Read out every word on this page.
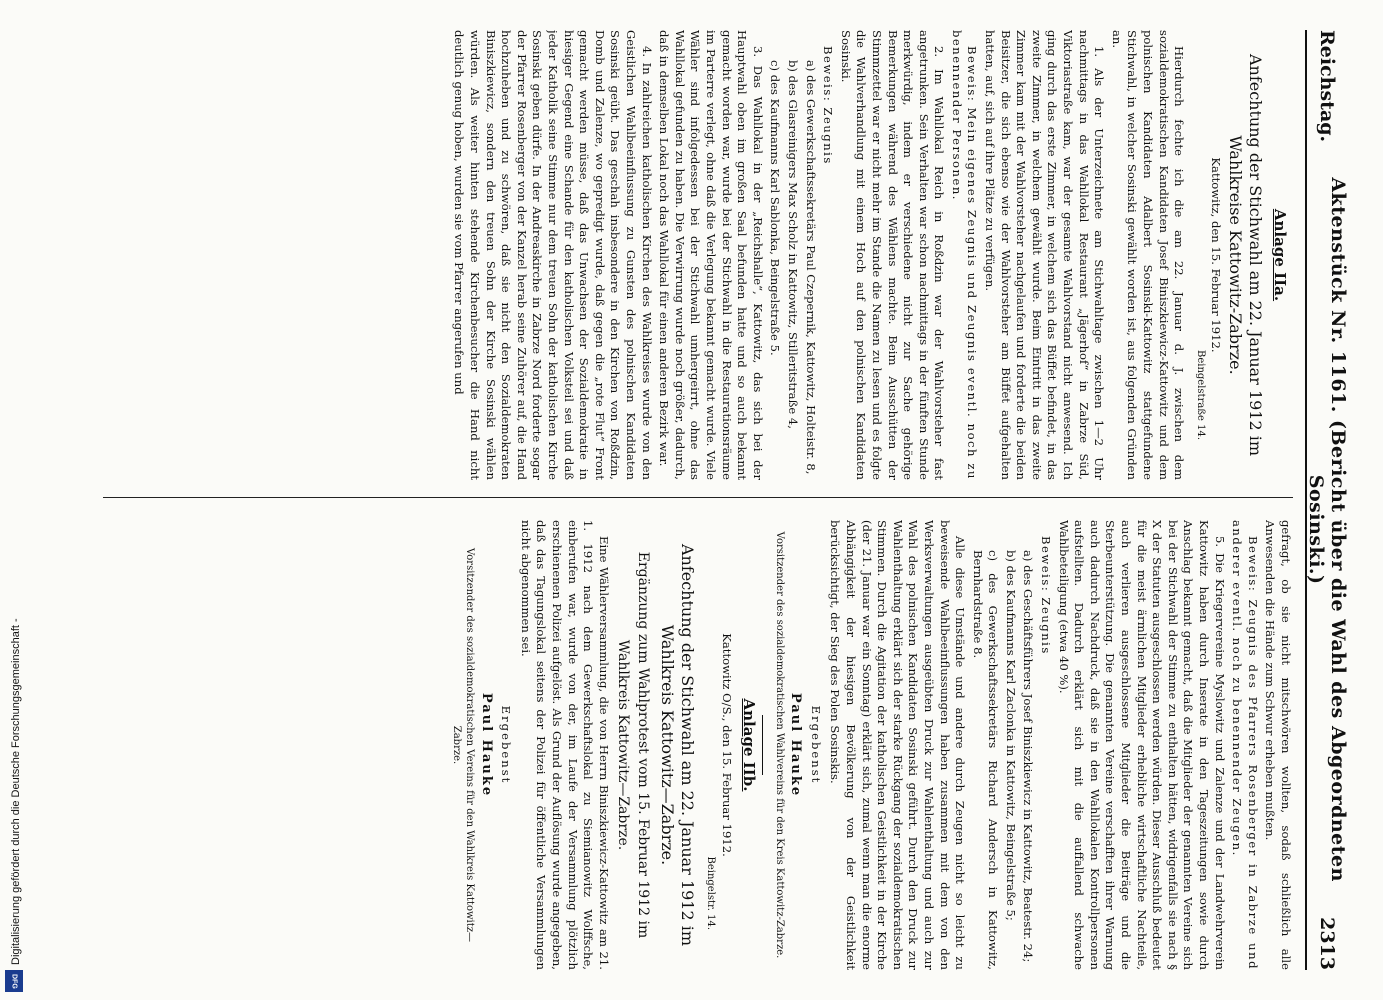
Reichstag.
Aktenstück Nr. 1161. (Bericht über die Wahl des Abgeordneten Sosinski.)
2313
Anlage IIa.
Anfechtung der Stichwahl am 22. Januar 1912 im Wahlkreise Kattowitz-Zabrze.
Kattowitz, den 15. Februar 1912.
Beingelstraße 14.

Hierdurch fechte ich die am 22. Januar d. J. zwischen dem sozialdemokratischen Kandidaten Josef Biniszkiewicz-Kattowitz und dem polnischen Kandidaten Adalbert Sosinski-Kattowitz stattgefundene Stichwahl, in welcher Sosinski gewählt worden ist, aus folgenden Gründen an.

1. Als der Unterzeichnete am Stichwahltage zwischen 1—2 Uhr nachmittags in das Wahllokal Restaurant „Jägerhof“ in Zabrze Süd, Viktoriastraße kam, war der gesamte Wahlvorstand nicht anwesend. Ich ging durch das erste Zimmer, in welchem sich das Büffet befindet, in das zweite Zimmer, in welchem gewählt wurde. Beim Eintritt in das zweite Zimmer kam mit der Wahlvorsteher nachgelaufen und forderte die beiden Beisitzer, die sich ebenso wie der Wahlvorsteher am Büffet aufgehalten hatten, auf, sich auf ihre Plätze zu verfügen.

Beweis: Mein eigenes Zeugnis und Zeugnis eventl. noch zu benennender Personen.

2. Im Wahllokal Reich in Roßdzin war der Wahlvorsteher fast angetrunken. Sein Verhalten war schon nachmittags in der fünften Stunde merkwürdig, indem er verschiedene nicht zur Sache gehörige Bemerkungen während des Wählens machte. Beim Ausschütten der Stimmzettel war er nicht mehr im Stande die Namen zu lesen und es folgte die Wahlverhandlung mit einem Hoch auf den polnischen Kandidaten Sosinski.

Beweis: Zeugnis

a) des Gewerkschaftssekretärs Paul Czepernik, Kattowitz, Holteistr. 8,

b) des Glasreinigers Max Scholz in Kattowitz, Stilleritstraße 4,

c) des Kaufmanns Karl Sablonka, Beingelstraße 5.

3. Das Wahllokal in der „Reichshalle“, Kattowitz, das sich bei der Hauptwahl oben im großen Saal befunden hatte und so auch bekannt gemacht worden war, wurde bei der Stichwahl in die Restaurationsräume im Parterre verlegt, ohne daß die Verlegung bekannt gemacht wurde. Viele Wähler sind infolgedessen bei der Stichwahl umhergeirrt, ohne das Wahllokal gefunden zu haben. Die Verwirrung wurde noch größer, dadurch, daß in demselben Lokal noch das Wahllokal für einen anderen Bezirk war.

4. In zahlreichen katholischen Kirchen des Wahlkreises wurde von den Geistlichen Wahlbeeinflussung zu Gunsten des polnischen Kandidaten Sosinski geübt. Das geschah insbesondere in den Kirchen von Roßdzin, Domb und Zalenze, wo gepredigt wurde, daß gegen die „rote Flut“ Front gemacht werden müsse, daß das Unwachsen der Sozialdemokratie in hiesiger Gegend eine Schande für den katholischen Volksteil sei und daß jeder Katholik seine Stimme nur dem treuen Sohn der katholischen Kirche Sosinski geben dürfe. In der Andreaskirche in Zabrze Nord forderte sogar der Pfarrer Rosenberger von der Kanzel herab seine Zuhörer auf, die Hand hochzuheben und zu schwören, daß sie nicht den Sozialdemokraten Biniszkiewicz, sondern den treuen Sohn der Kirche Sosinski wählen würden. Als weiter hinten stehende Kirchenbesucher die Hand nicht deutlich genug hoben, wurden sie vom Pfarrer angerufen und

gefragt, ob sie nicht mitschwören wollten, sodaß schließlich alle Anwesenden die Hände zum Schwur erheben mußten.

Beweis: Zeugnis des Pfarrers Rosenberger in Zabrze und anderer eventl. noch zu benennender Zeugen.

5. Die Kriegervereine Myslowitz und Zalenze und der Landwehrverein Kattowitz haben durch Inserate in den Tageszeitungen sowie durch Anschlag bekannt gemacht, daß die Mitglieder der genannten Vereine sich bei der Stichwahl der Stimme zu enthalten hätten, widrigenfalls sie nach § X der Statuten ausgeschlossen werden würden. Dieser Ausschluß bedeutet für die meist ärmlichen Mitglieder erhebliche wirtschaftliche Nachteile, auch verlieren ausgeschlossene Mitglieder die Beiträge und die Sterbeunterstützung. Die genannten Vereine verschafften ihrer Warnung auch dadurch Nachdruck, daß sie in den Wahllokalen Kontrollpersonen aufstellten. Dadurch erklärt sich mit die auffallend schwache Wahlbeteiligung (etwa 40 %).

Beweis: Zeugnis

a) des Geschäftsführers Josef Biniszkiewicz in Kattowitz, Beatestr. 24;

b) des Kaufmanns Karl Zaclonka in Kattowitz, Beingelstraße 5;

c) des Gewerkschaftssekretärs Richard Andersch in Kattowitz, Bernhardstraße 8.

Alle diese Umstände und andere durch Zeugen nicht so leicht zu beweisende Wahlbeeinflussungen haben zusammen mit dem von den Werksverwaltungen ausgeübten Druck zur Wahlenthaltung und auch zur Wahl des polnischen Kandidaten Sosinski geführt. Durch den Druck zur Wahlenthaltung erklärt sich der starke Rückgang der sozialdemokratischen Stimmen. Durch die Agitation der katholischen Geistlichkeit in der Kirche (der 21. Januar war ein Sonntag) erklärt sich, zumal wenn man die enorme Abhängigkeit der hiesigen Bevölkerung von der Geistlichkeit berücksichtigt, der Sieg des Polen Sosinskis.

Ergebenst
Paul Hauke
Vorsitzender des sozialdemokratischen Wahlvereins für den Kreis Kattowitz-Zabrze.
Anlage IIb.
Kattowitz O/S., den 15. Februar 1912.
Beingelstr. 14.
Anfechtung der Stichwahl am 22. Januar 1912 im Wahlkreis Kattowitz—Zabrze.
Ergänzung zum Wahlprotest vom 15. Februar 1912 im Wahlkreis Kattowitz—Zabrze.

Eine Wählerversammlung, die von Herrn Biniszkiewicz-Kattowitz am 21. 1. 1912 nach dem Gewerkschaftslokal zu Siemianowitz Wolffsche, einberufen war, wurde von der, im Laufe der Versammlung plötzlich erschienenen Polizei aufgelöst. Als Grund der Auflösung wurde angegeben, daß das Tagungslokal seitens der Polizei für öffentliche Versammlungen nicht abgenommen sei.

Ergebenst
Paul Hauke
Vorsitzender des sozialdemokratischen Vereins für den Wahlkreis Kattowitz—Zabrze.
Digitalisierung gefördert durch die Deutsche Forschungsgemeinschaft -
DFG
